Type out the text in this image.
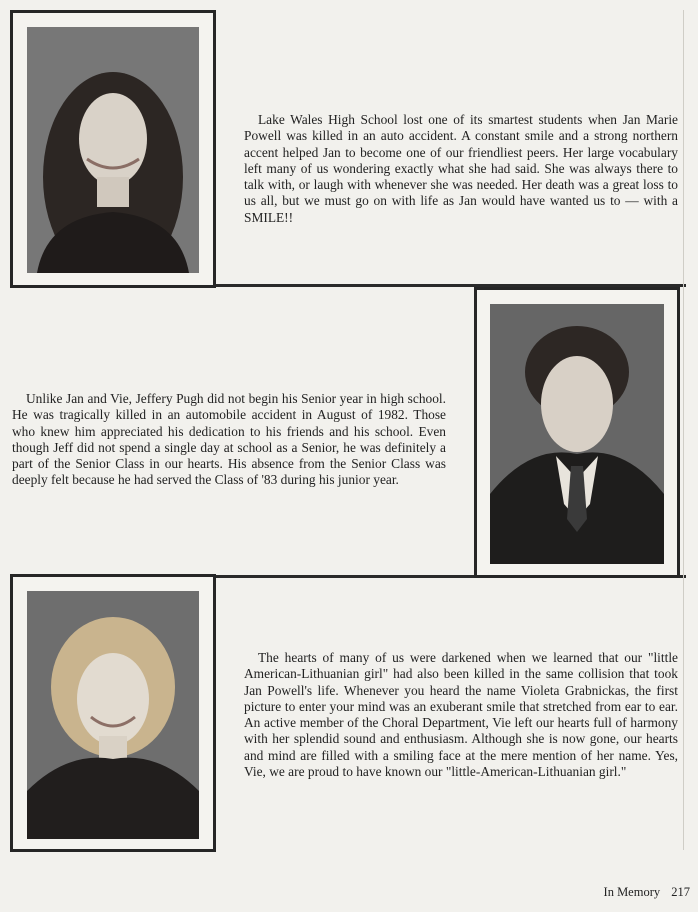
Lake Wales High School lost one of its smartest students when Jan Marie Powell was killed in an auto accident. A constant smile and a strong northern accent helped Jan to become one of our friendliest peers. Her large vocabulary left many of us wondering exactly what she had said. She was always there to talk with, or laugh with whenever she was needed. Her death was a great loss to us all, but we must go on with life as Jan would have wanted us to — with a SMILE!!

Unlike Jan and Vie, Jeffery Pugh did not begin his Senior year in high school. He was tragically killed in an automobile accident in August of 1982. Those who knew him appreciated his dedication to his friends and his school. Even though Jeff did not spend a single day at school as a Senior, he was definitely a part of the Senior Class in our hearts. His absence from the Senior Class was deeply felt because he had served the Class of '83 during his junior year.

The hearts of many of us were darkened when we learned that our "little American-Lithuanian girl" had also been killed in the same collision that took Jan Powell's life. Whenever you heard the name Violeta Grabnickas, the first picture to enter your mind was an exuberant smile that stretched from ear to ear. An active member of the Choral Department, Vie left our hearts full of harmony with her splendid sound and enthusiasm. Although she is now gone, our hearts and mind are filled with a smiling face at the mere mention of her name. Yes, Vie, we are proud to have known our "little-American-Lithuanian girl."

In Memory 217
